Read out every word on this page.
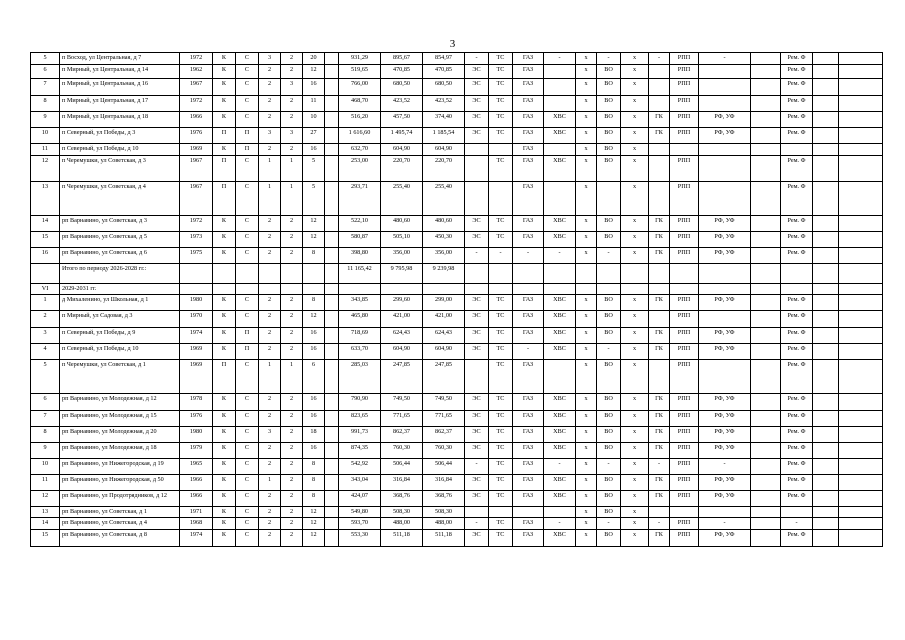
3
5	п Восход, ул Центральная, д 7	1972	К	С	3	2	20		931,29	895,67	854,97	-	ТС	ГАЗ	-	х	-	х	-	РПП	-		Рем. Ф		
6	п Мирный, ул Центральная, д 14	1962	К	С	2	2	12		519,65	470,85	470,85	ЭС	ТС	ГАЗ		х	ВО	х		РПП			Рем. Ф		
7	п Мирный, ул Центральная, д 16	1967	К	С	2	3	16		766,00	680,50	680,50	ЭС	ТС	ГАЗ		х	ВО	х		РПП			Рем. Ф		
8	п Мирный, ул Центральная, д 17	1972	К	С	2	2	11		468,70	423,52	423,52	ЭС	ТС	ГАЗ		х	ВО	х		РПП			Рем. Ф		
9	п Мирный, ул Центральная, д 18	1966	К	С	2	2	10		516,20	457,50	374,40	ЭС	ТС	ГАЗ	ХВС	х	ВО	х	ГК	РПП	РФ, УФ		Рем. Ф		
10	п Северный, ул Победы, д 3	1976	П	П	3	3	27		1 616,60	1 495,74	1 185,54	ЭС	ТС	ГАЗ	ХВС	х	ВО	х	ГК	РПП	РФ, УФ		Рем. Ф		
11	п Северный, ул Победы, д 10	1969	К	П	2	2	16		632,70	604,90	604,90			ГАЗ		х	ВО	х							
12	п Черемушки, ул Советская, д 3	1967	П	С	1	1	5		253,00	220,70	220,70		ТС	ГАЗ	ХВС	х	ВО	х		РПП			Рем. Ф		
13	п Черемушки, ул Советская, д 4	1967	П	С	1	1	5		293,71	255,40	255,40			ГАЗ		х		х		РПП			Рем. Ф		
14	рп Варнавино, ул Советская, д 3	1972	К	С	2	2	12		522,10	480,60	480,60	ЭС	ТС	ГАЗ	ХВС	х	ВО	х	ГК	РПП	РФ, УФ		Рем. Ф		
15	рп Варнавино, ул Советская, д 5	1973	К	С	2	2	12		580,87	505,10	450,30	ЭС	ТС	ГАЗ	ХВС	х	ВО	х	ГК	РПП	РФ, УФ		Рем. Ф		
16	рп Варнавино, ул Советская, д 6	1975	К	С	2	2	8		398,80	356,00	356,00	-	-	-	-	х	-	х	ГК	РПП	РФ, УФ		Рем. Ф		
	Итого по периоду 2026-2028 гг.:								11 165,42	9 795,98	9 239,98														
VI	2029-2031 гг.																								
1	д Михаленино, ул Школьная, д 1	1980	К	С	2	2	8		343,85	299,60	299,00	ЭС	ТС	ГАЗ	ХВС	х	ВО	х	ГК	РПП	РФ, УФ		Рем. Ф		
2	п Мирный, ул Садовая, д 3	1970	К	С	2	2	12		465,80	421,00	421,00	ЭС	ТС	ГАЗ	ХВС	х	ВО	х		РПП			Рем. Ф		
3	п Северный, ул Победы, д 9	1974	К	П	2	2	16		718,69	624,43	624,43	ЭС	ТС	ГАЗ	ХВС	х	ВО	х	ГК	РПП	РФ, УФ		Рем. Ф		
4	п Северный, ул Победы, д 10	1969	К	П	2	2	16		633,70	604,90	604,90	ЭС	ТС	-	ХВС	х	-	х	ГК	РПП	РФ, УФ		Рем. Ф		
5	п Черемушки, ул Советская, д 1	1969	П	С	1	1	6		285,03	247,85	247,85		ТС	ГАЗ		х	ВО	х		РПП			Рем. Ф		
6	рп Варнавино, ул Молодежная, д 12	1978	К	С	2	2	16		790,90	749,50	749,50	ЭС	ТС	ГАЗ	ХВС	х	ВО	х	ГК	РПП	РФ, УФ		Рем. Ф		
7	рп Варнавино, ул Молодежная, д 15	1976	К	С	2	2	16		823,65	771,65	771,65	ЭС	ТС	ГАЗ	ХВС	х	ВО	х	ГК	РПП	РФ, УФ		Рем. Ф		
8	рп Варнавино, ул Молодежная, д 20	1980	К	С	3	2	18		991,73	862,37	862,37	ЭС	ТС	ГАЗ	ХВС	х	ВО	х	ГК	РПП	РФ, УФ		Рем. Ф		
9	рп Варнавино, ул Молодежная, д 18	1979	К	С	2	2	16		874,35	760,30	760,30	ЭС	ТС	ГАЗ	ХВС	х	ВО	х	ГК	РПП	РФ, УФ		Рем. Ф		
10	рп Варнавино, ул Нижегородская, д 19	1965	К	С	2	2	8		542,92	506,44	506,44	-	ТС	ГАЗ	-	х	-	х	-	РПП	-		Рем. Ф		
11	рп Варнавино, ул Нижегородская, д 50	1966	К	С	1	2	8		343,04	316,84	316,84	ЭС	ТС	ГАЗ	ХВС	х	ВО	х	ГК	РПП	РФ, УФ		Рем. Ф		
12	рп Варнавино, ул Продотрядников, д 12	1966	К	С	2	2	8		424,07	368,76	368,76	ЭС	ТС	ГАЗ	ХВС	х	ВО	х	ГК	РПП	РФ, УФ		Рем. Ф		
13	рп Варнавино, ул Советская, д 1	1971	К	С	2	2	12		549,80	508,30	508,30					х	ВО	х							
14	рп Варнавино, ул Советская, д 4	1968	К	С	2	2	12		593,70	488,00	488,00	-	ТС	ГАЗ	-	х	-	х	-	РПП	-		-		
15	рп Варнавино, ул Советская, д 8	1974	К	С	2	2	12		553,30	511,18	511,18	ЭС	ТС	ГАЗ	ХВС	х	ВО	х	ГК	РПП	РФ, УФ		Рем. Ф		
